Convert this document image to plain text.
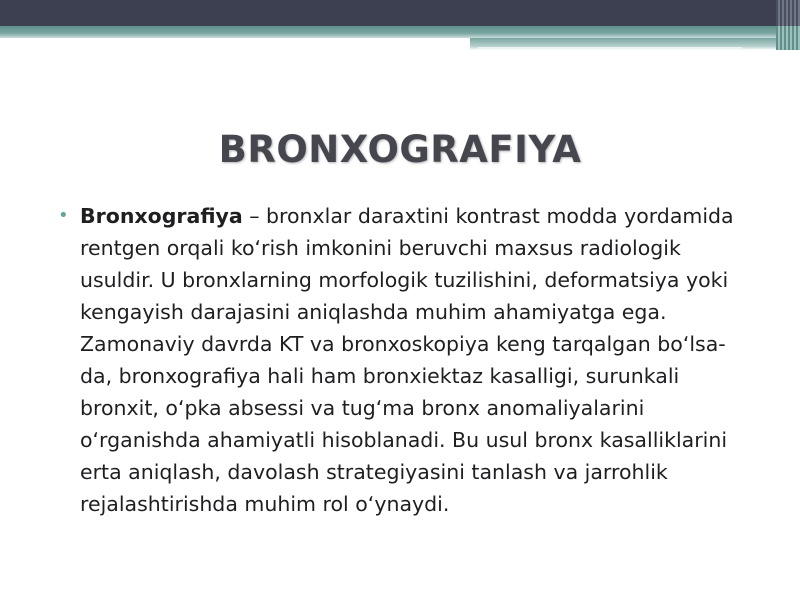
BRONXOGRAFIYA
• Bronxografiya – bronxlar daraxtini kontrast modda yordamida rentgen orqali koʻrish imkonini beruvchi maxsus radiologik usuldir. U bronxlarning morfologik tuzilishini, deformatsiya yoki kengayish darajasini aniqlashda muhim ahamiyatga ega. Zamonaviy davrda KT va bronxoskopiya keng tarqalgan boʻlsa-da, bronxografiya hali ham bronxiektaz kasalligi, surunkali bronxit, oʻpka absessi va tugʻma bronx anomaliyalarini oʻrganishda ahamiyatli hisoblanadi. Bu usul bronx kasalliklarini erta aniqlash, davolash strategiyasini tanlash va jarrohlik rejalashtirishda muhim rol oʻynaydi.
